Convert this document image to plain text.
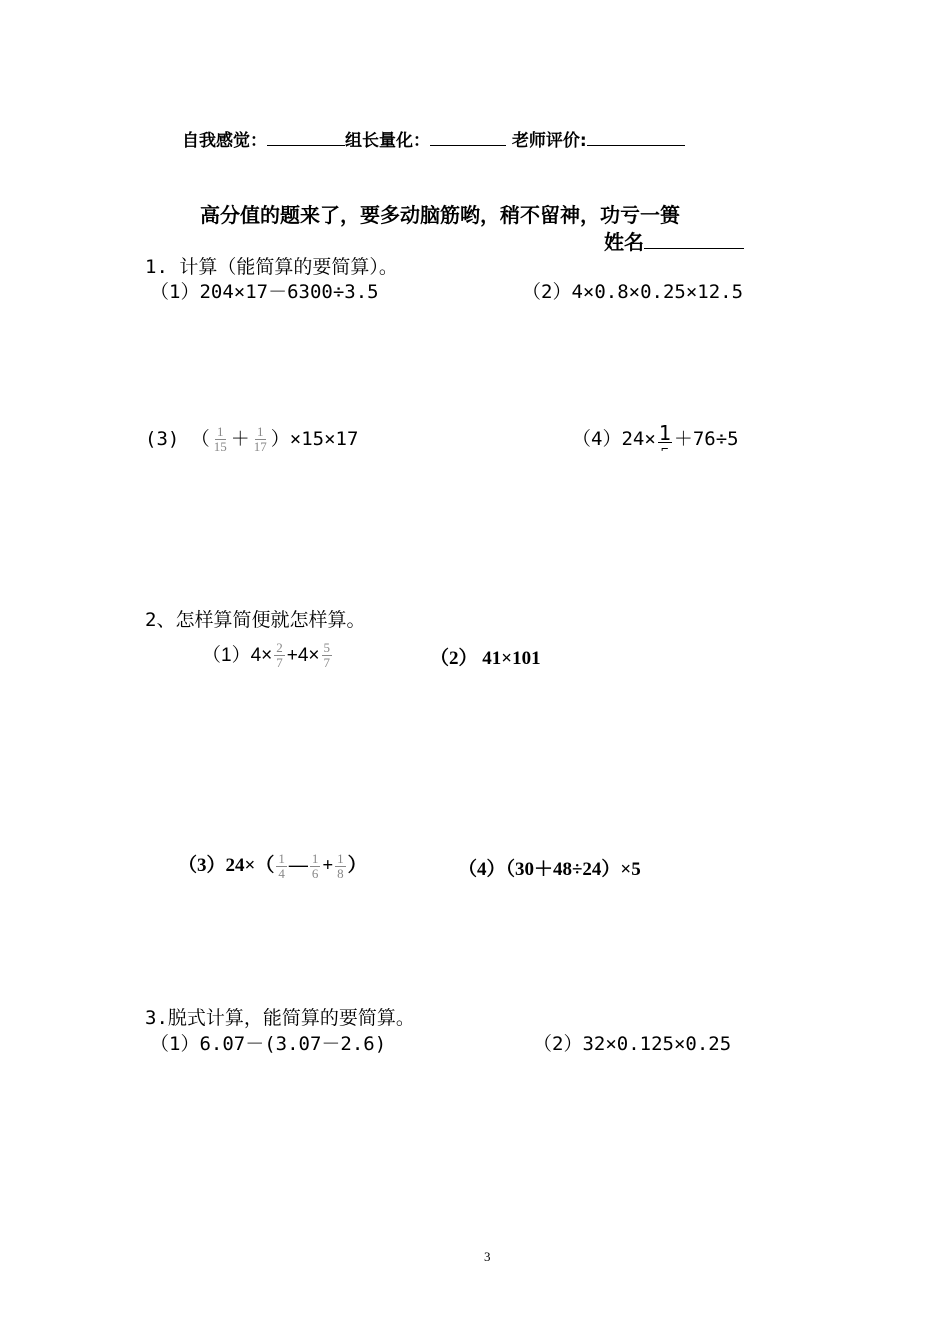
自我感觉：	组长量化：	老师评价:
高分值的题来了，要多动脑筋哟，稍不留神，功亏一篑
姓名
1. 计算（能简算的要简算）。
（1）204×17－6300÷3.5	（2）4×0.8×0.25×12.5
(3) （ $\frac{1}{15} + \frac{1}{17} )\times 15\times 17$	（4）24× 1
⌐ ＋76÷5
2、怎样算简便就怎样算。
$(1)4\times \frac{2}{7} +4\times \frac{5}{7}$	（2） 41×101
$(3)24\times( \frac{1}{4}$ — $\frac{1}{6} + \frac{1}{8}$ ）	（4）（30＋48÷24）×5
3.脱式计算，能简算的要简算。
（1）6.07－(3.07－2.6)	（2）32×0.125×0.25
3
